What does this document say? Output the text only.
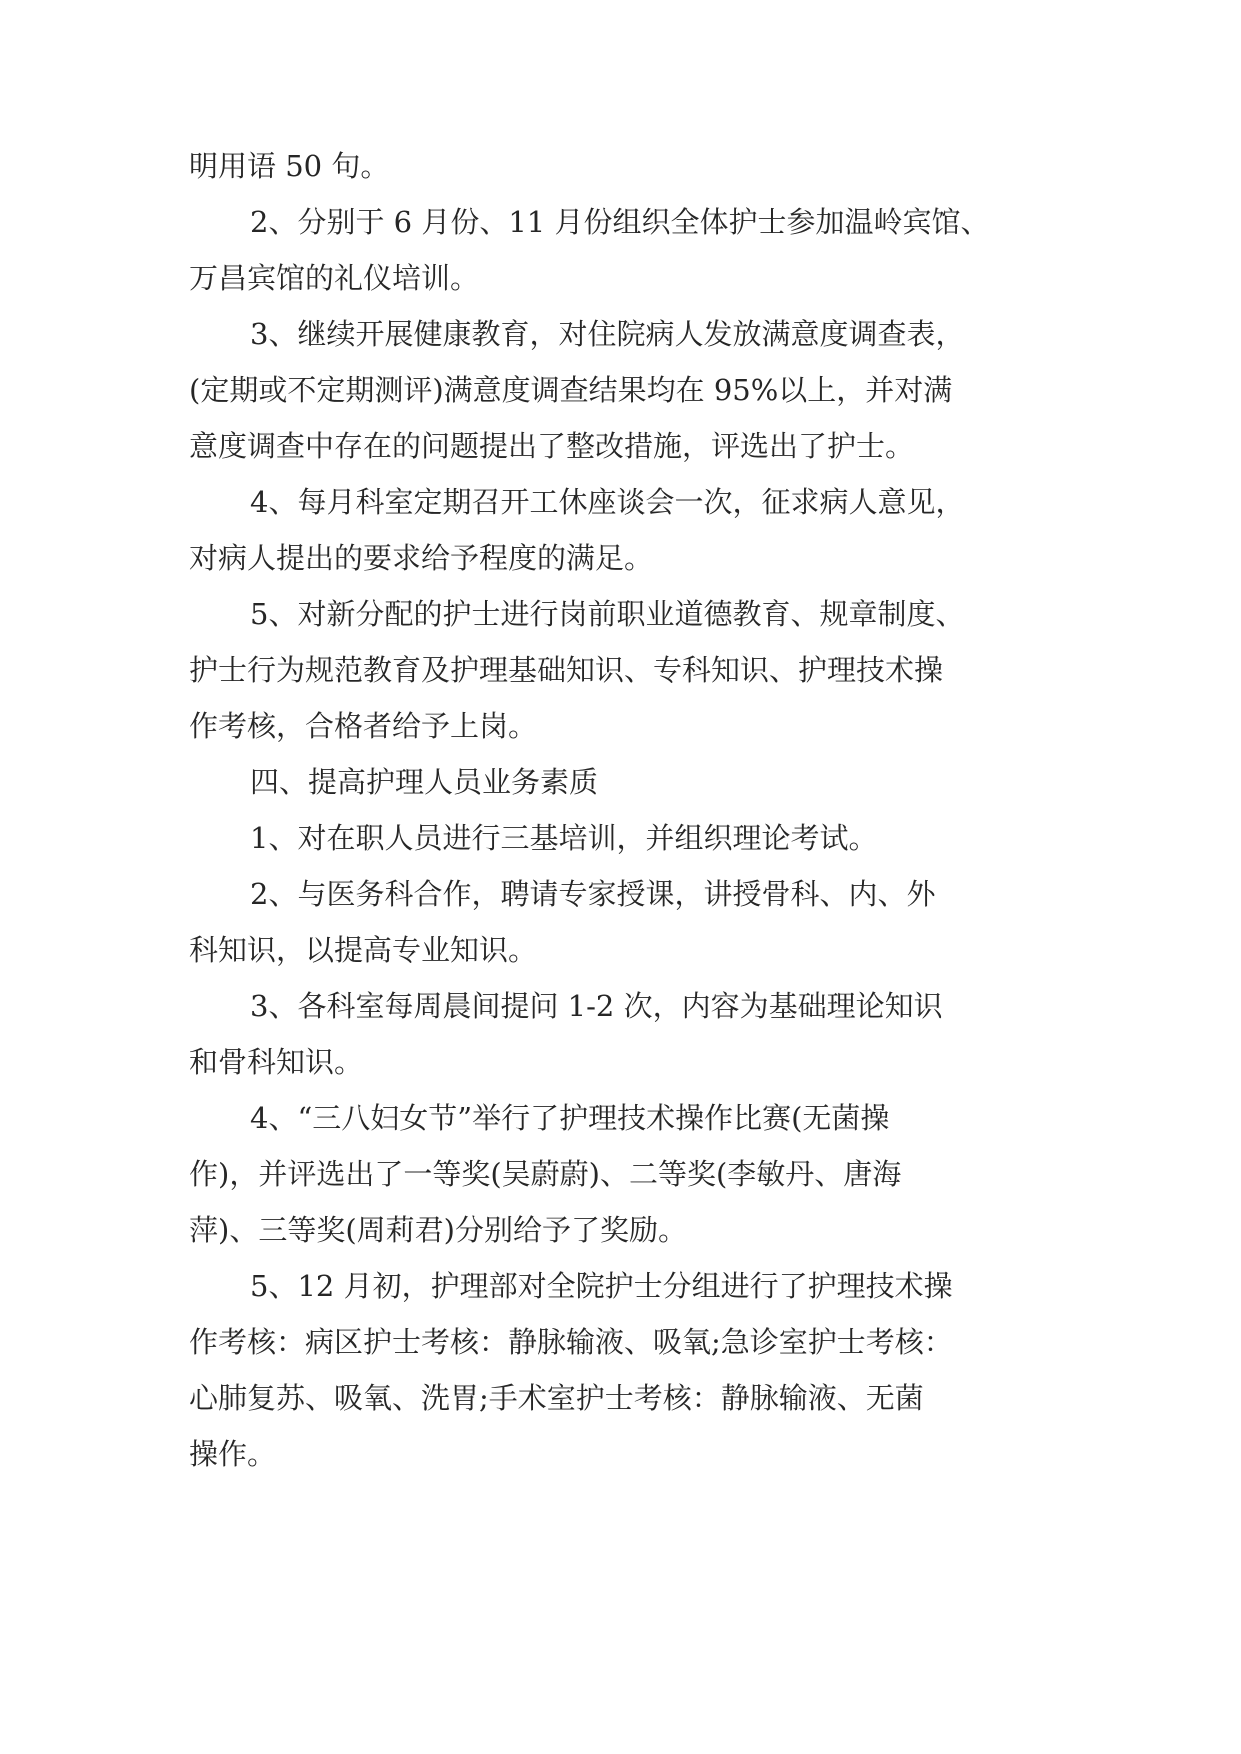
明用语 50 句。
2、分别于 6 月份、11 月份组织全体护士参加温岭宾馆、
万昌宾馆的礼仪培训。
3、继续开展健康教育，对住院病人发放满意度调查表，
(定期或不定期测评)满意度调查结果均在 95%以上，并对满
意度调查中存在的问题提出了整改措施，评选出了护士。
4、每月科室定期召开工休座谈会一次，征求病人意见，
对病人提出的要求给予程度的满足。
5、对新分配的护士进行岗前职业道德教育、规章制度、
护士行为规范教育及护理基础知识、专科知识、护理技术操
作考核，合格者给予上岗。
四、提高护理人员业务素质
1、对在职人员进行三基培训，并组织理论考试。
2、与医务科合作，聘请专家授课，讲授骨科、内、外
科知识，以提高专业知识。
3、各科室每周晨间提问 1-2 次，内容为基础理论知识
和骨科知识。
4、“三八妇女节”举行了护理技术操作比赛(无菌操
作)，并评选出了一等奖(吴蔚蔚)、二等奖(李敏丹、唐海
萍)、三等奖(周莉君)分别给予了奖励。
5、12 月初，护理部对全院护士分组进行了护理技术操
作考核：病区护士考核：静脉输液、吸氧;急诊室护士考核：
心肺复苏、吸氧、洗胃;手术室护士考核：静脉输液、无菌
操作。
